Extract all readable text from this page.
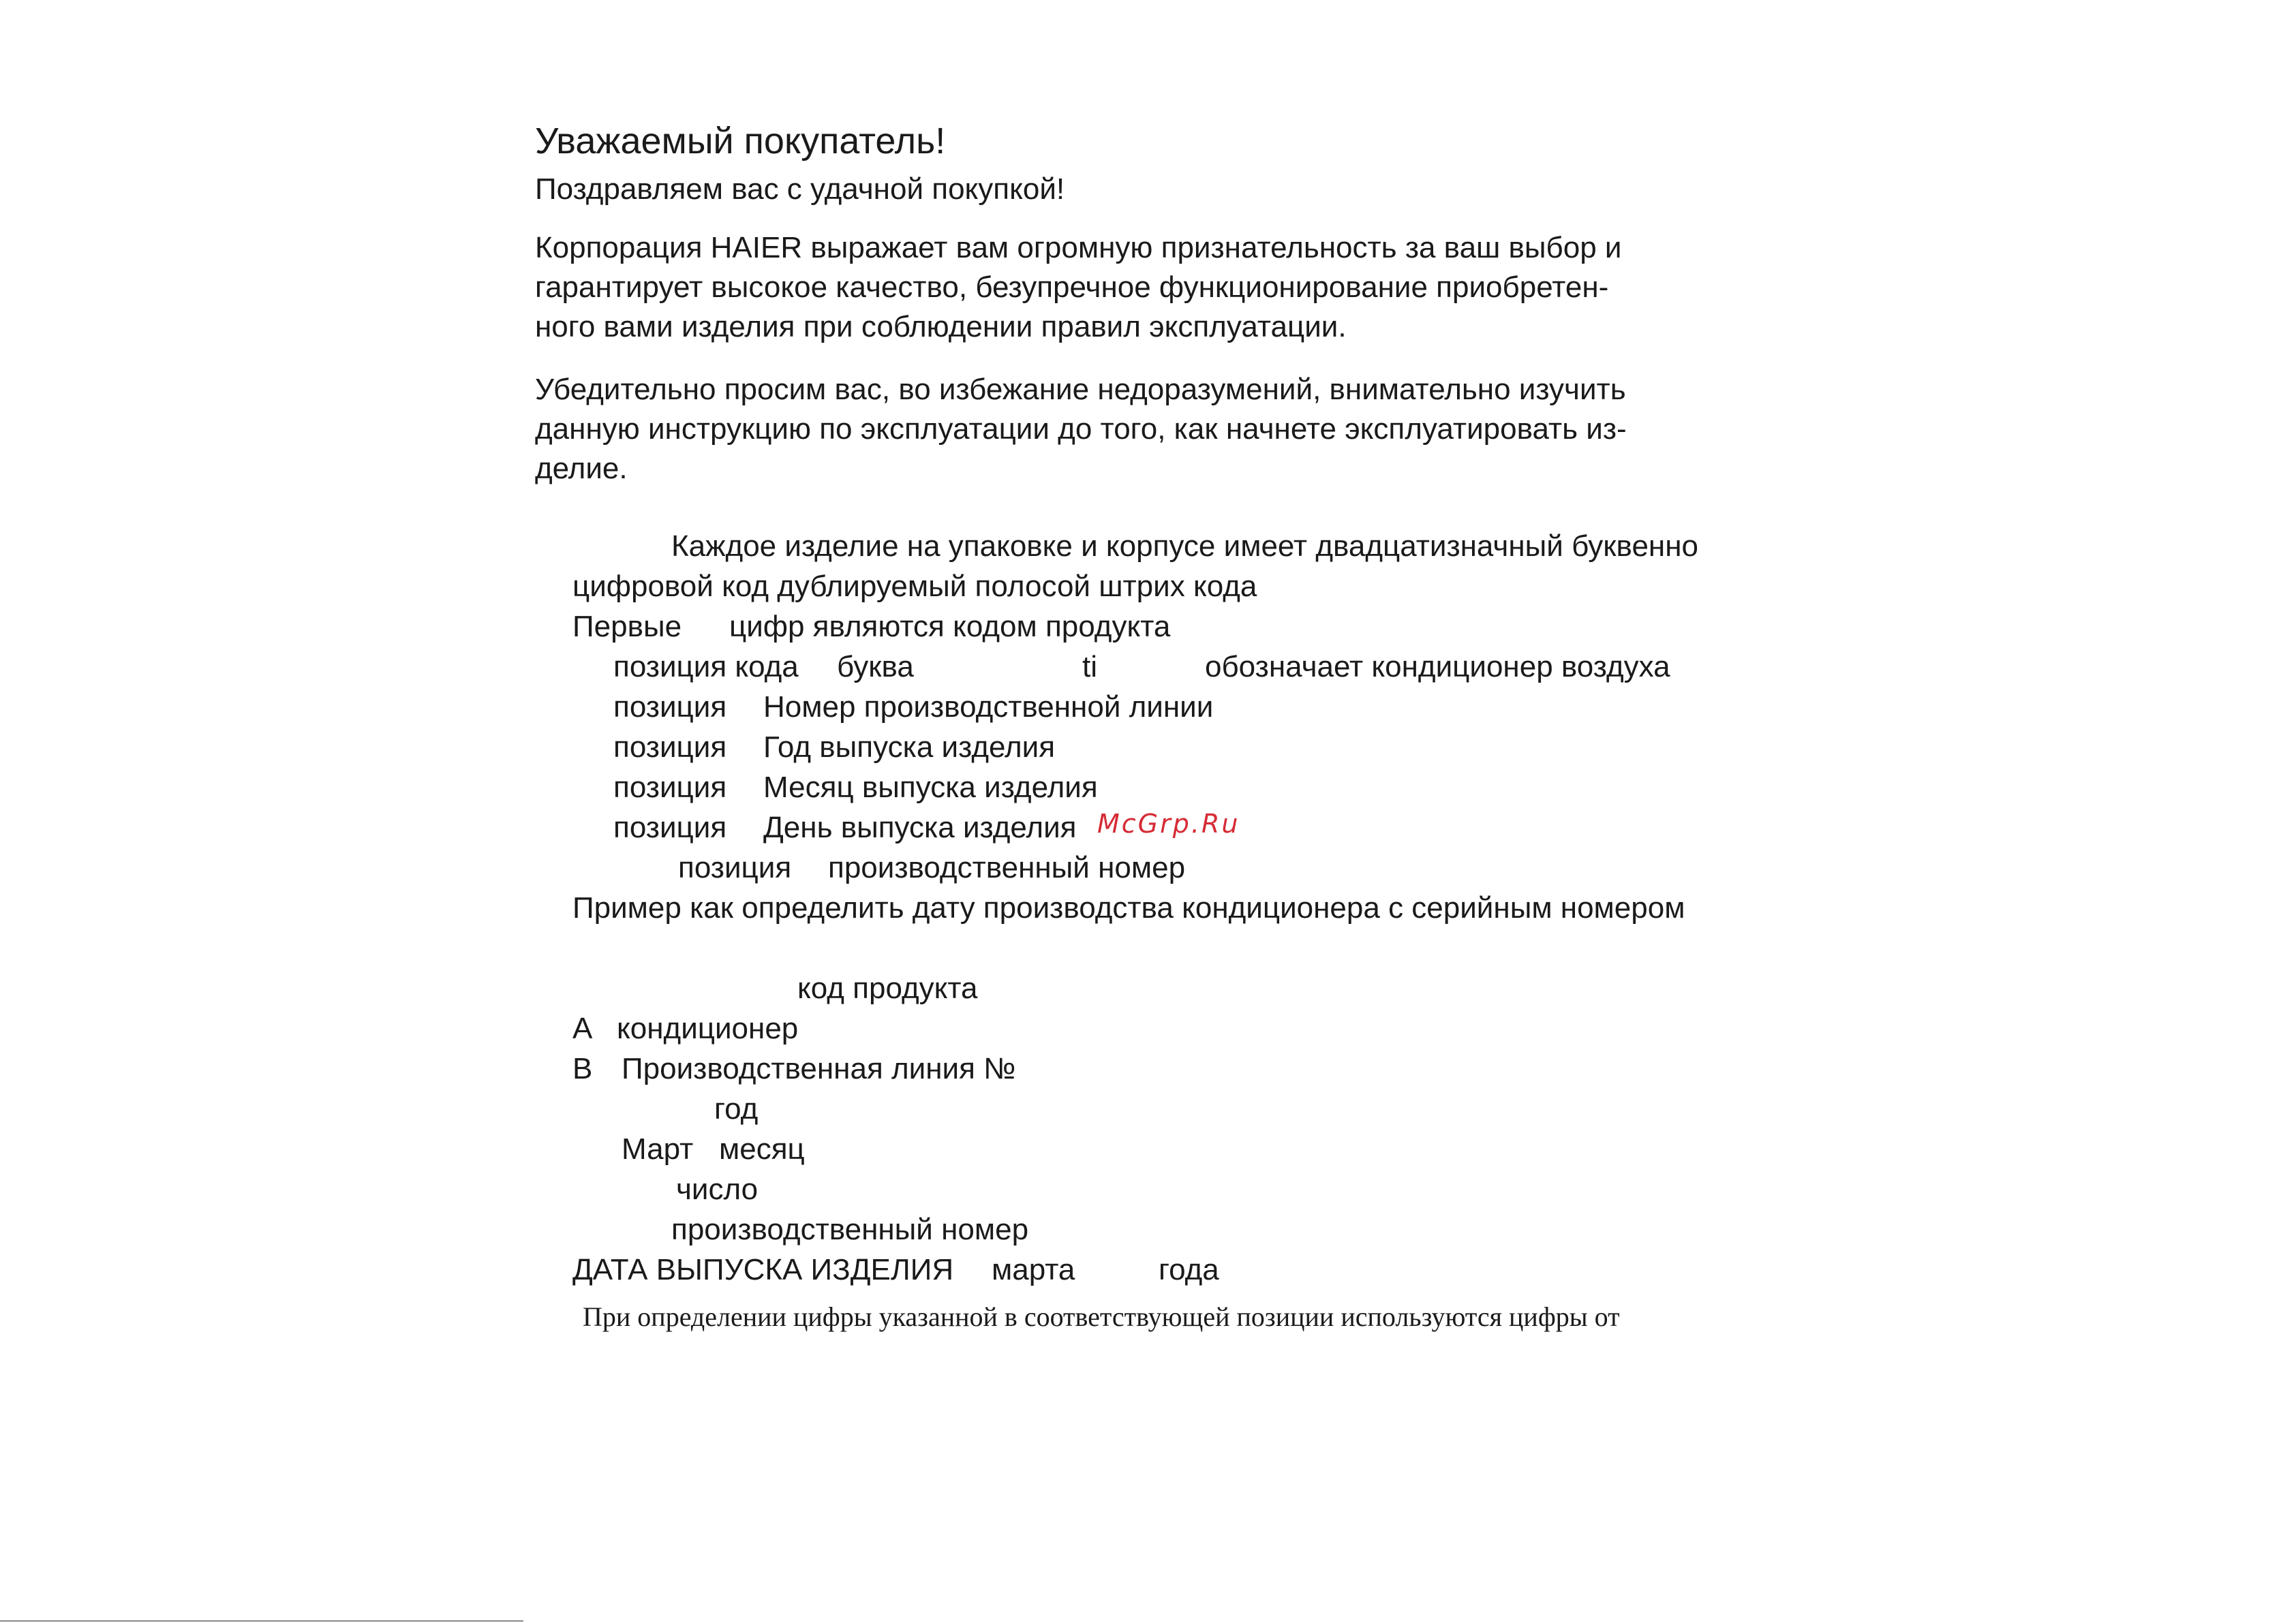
Уважаемый покупатель!
Поздравляем вас с удачной покупкой!
Корпорация HAIER выражает вам огромную признательность за ваш выбор и
гарантирует высокое качество, безупречное функционирование приобретен-
ного вами изделия при соблюдении правил эксплуатации.
Убедительно просим вас, во избежание недоразумений, внимательно изучить
данную инструкцию по эксплуатации до того, как начнете эксплуатировать из-
делие.
Каждое изделие на упаковке и корпусе имеет двадцатизначный буквенно
цифровой код дублируемый полосой штрих кода
Первые цифр являются кодом продукта
позиция кода буква	ti	обозначает кондиционер воздуха
позиция Номер производственной линии
позиция Год выпуска изделия
позиция Месяц выпуска изделия
позиция День выпуска изделия McGrp.Ru
позиция производственный номер
Пример как определить дату производства кондиционера с серийным номером
код продукта
A кондиционер
B Производственная линия №
год
Март месяц
число
производственный номер
ДАТА ВЫПУСКА ИЗДЕЛИЯ марта	года
При определении цифры указанной в соответствующей позиции используются цифры от
